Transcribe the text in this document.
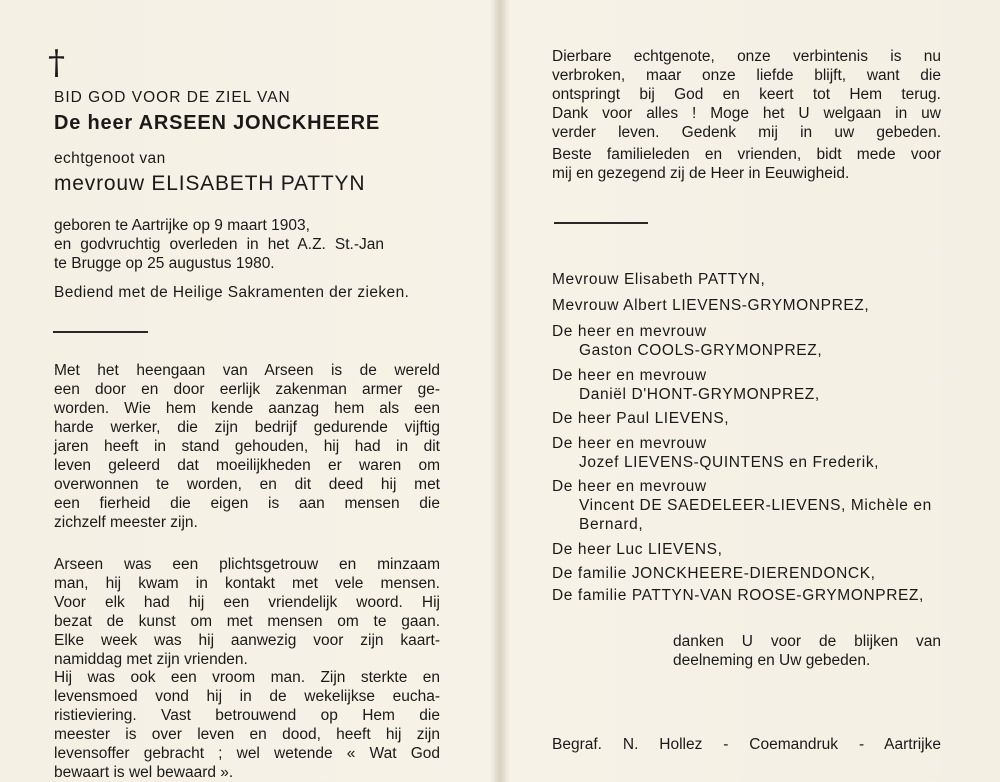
†
BID GOD VOOR DE ZIEL VAN
De heer ARSEEN JONCKHEERE
echtgenoot van
mevrouw ELISABETH PATTYN
geboren te Aartrijke op 9 maart 1903,
en godvruchtig overleden in het A.Z. St.-Jan
te Brugge op 25 augustus 1980.
Bediend met de Heilige Sakramenten der zieken.
Met het heengaan van Arseen is de wereld
een door en door eerlijk zakenman armer ge-
worden. Wie hem kende aanzag hem als een
harde werker, die zijn bedrijf gedurende vijftig
jaren heeft in stand gehouden, hij had in dit
leven geleerd dat moeilijkheden er waren om
overwonnen te worden, en dit deed hij met
een fierheid die eigen is aan mensen die
zichzelf meester zijn.
Arseen was een plichtsgetrouw en minzaam
man, hij kwam in kontakt met vele mensen.
Voor elk had hij een vriendelijk woord. Hij
bezat de kunst om met mensen om te gaan.
Elke week was hij aanwezig voor zijn kaart-
namiddag met zijn vrienden.
Hij was ook een vroom man. Zijn sterkte en
levensmoed vond hij in de wekelijkse eucha-
ristieviering. Vast betrouwend op Hem die
meester is over leven en dood, heeft hij zijn
levensoffer gebracht ; wel wetende « Wat God
bewaart is wel bewaard ».
Dierbare echtgenote, onze verbintenis is nu
verbroken, maar onze liefde blijft, want die
ontspringt bij God en keert tot Hem terug.
Dank voor alles ! Moge het U welgaan in uw
verder leven. Gedenk mij in uw gebeden.
Beste familieleden en vrienden, bidt mede voor
mij en gezegend zij de Heer in Eeuwigheid.
Mevrouw Elisabeth PATTYN,
Mevrouw Albert LIEVENS-GRYMONPREZ,
De heer en mevrouw
Gaston COOLS-GRYMONPREZ,
De heer en mevrouw
Daniël D'HONT-GRYMONPREZ,
De heer Paul LIEVENS,
De heer en mevrouw
Jozef LIEVENS-QUINTENS en Frederik,
De heer en mevrouw
Vincent DE SAEDELEER-LIEVENS, Michèle en
Bernard,
De heer Luc LIEVENS,
De familie JONCKHEERE-DIERENDONCK,
De familie PATTYN-VAN ROOSE-GRYMONPREZ,
danken U voor de blijken van
deelneming en Uw gebeden.
Begraf. N. Hollez - Coemandruk - Aartrijke
